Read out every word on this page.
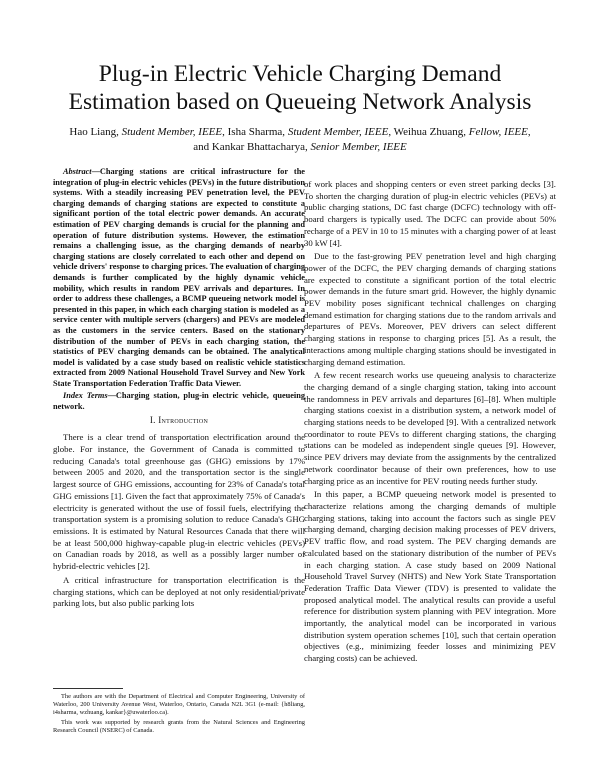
Plug-in Electric Vehicle Charging Demand
Estimation based on Queueing Network Analysis
Hao Liang, Student Member, IEEE, Isha Sharma, Student Member, IEEE, Weihua Zhuang, Fellow, IEEE,
and Kankar Bhattacharya, Senior Member, IEEE

Abstract—Charging stations are critical infrastructure for the integration of plug-in electric vehicles (PEVs) in the future distribution systems. With a steadily increasing PEV penetration level, the PEV charging demands of charging stations are expected to constitute a significant portion of the total electric power demands. An accurate estimation of PEV charging demands is crucial for the planning and operation of future distribution systems. However, the estimation remains a challenging issue, as the charging demands of nearby charging stations are closely correlated to each other and depend on vehicle drivers' response to charging prices. The evaluation of charging demands is further complicated by the highly dynamic vehicle mobility, which results in random PEV arrivals and departures. In order to address these challenges, a BCMP queueing network model is presented in this paper, in which each charging station is modeled as a service center with multiple servers (chargers) and PEVs are modeled as the customers in the service centers. Based on the stationary distribution of the number of PEVs in each charging station, the statistics of PEV charging demands can be obtained. The analytical model is validated by a case study based on realistic vehicle statistics extracted from 2009 National Household Travel Survey and New York State Transportation Federation Traffic Data Viewer.

Index Terms—Charging station, plug-in electric vehicle, queueing network.

I. Introduction

There is a clear trend of transportation electrification around the globe. For instance, the Government of Canada is committed to reducing Canada's total greenhouse gas (GHG) emissions by 17% between 2005 and 2020, and the transportation sector is the single largest source of GHG emissions, accounting for 23% of Canada's total GHG emissions [1]. Given the fact that approximately 75% of Canada's electricity is generated without the use of fossil fuels, electrifying the transportation system is a promising solution to reduce Canada's GHG emissions. It is estimated by Natural Resources Canada that there will be at least 500,000 highway-capable plug-in electric vehicles (PEVs) on Canadian roads by 2018, as well as a possibly larger number of hybrid-electric vehicles [2].

A critical infrastructure for transportation electrification is the charging stations, which can be deployed at not only residential/private parking lots, but also public parking lots

The authors are with the Department of Electrical and Computer Engineering, University of Waterloo, 200 University Avenue West, Waterloo, Ontario, Canada N2L 3G1 (e-mail: {h8liang, i4sharma, wzhuang, kankar}@uwaterloo.ca).

This work was supported by research grants from the Natural Sciences and Engineering Research Council (NSERC) of Canada.

of work places and shopping centers or even street parking decks [3]. To shorten the charging duration of plug-in electric vehicles (PEVs) at public charging stations, DC fast charge (DCFC) technology with off-board chargers is typically used. The DCFC can provide about 50% recharge of a PEV in 10 to 15 minutes with a charging power of at least 30 kW [4].

Due to the fast-growing PEV penetration level and high charging power of the DCFC, the PEV charging demands of charging stations are expected to constitute a significant portion of the total electric power demands in the future smart grid. However, the highly dynamic PEV mobility poses significant technical challenges on charging demand estimation for charging stations due to the random arrivals and departures of PEVs. Moreover, PEV drivers can select different charging stations in response to charging prices [5]. As a result, the interactions among multiple charging stations should be investigated in charging demand estimation.

A few recent research works use queueing analysis to characterize the charging demand of a single charging station, taking into account the randomness in PEV arrivals and departures [6]–[8]. When multiple charging stations coexist in a distribution system, a network model of charging stations needs to be developed [9]. With a centralized network coordinator to route PEVs to different charging stations, the charging stations can be modeled as independent single queues [9]. However, since PEV drivers may deviate from the assignments by the centralized network coordinator because of their own preferences, how to use charging price as an incentive for PEV routing needs further study.

In this paper, a BCMP queueing network model is presented to characterize relations among the charging demands of multiple charging stations, taking into account the factors such as single PEV charging demand, charging decision making processes of PEV drivers, PEV traffic flow, and road system. The PEV charging demands are calculated based on the stationary distribution of the number of PEVs in each charging station. A case study based on 2009 National Household Travel Survey (NHTS) and New York State Transportation Federation Traffic Data Viewer (TDV) is presented to validate the proposed analytical model. The analytical results can provide a useful reference for distribution system planning with PEV integration. More importantly, the analytical model can be incorporated in various distribution system operation schemes [10], such that certain operation objectives (e.g., minimizing feeder losses and minimizing PEV charging costs) can be achieved.
